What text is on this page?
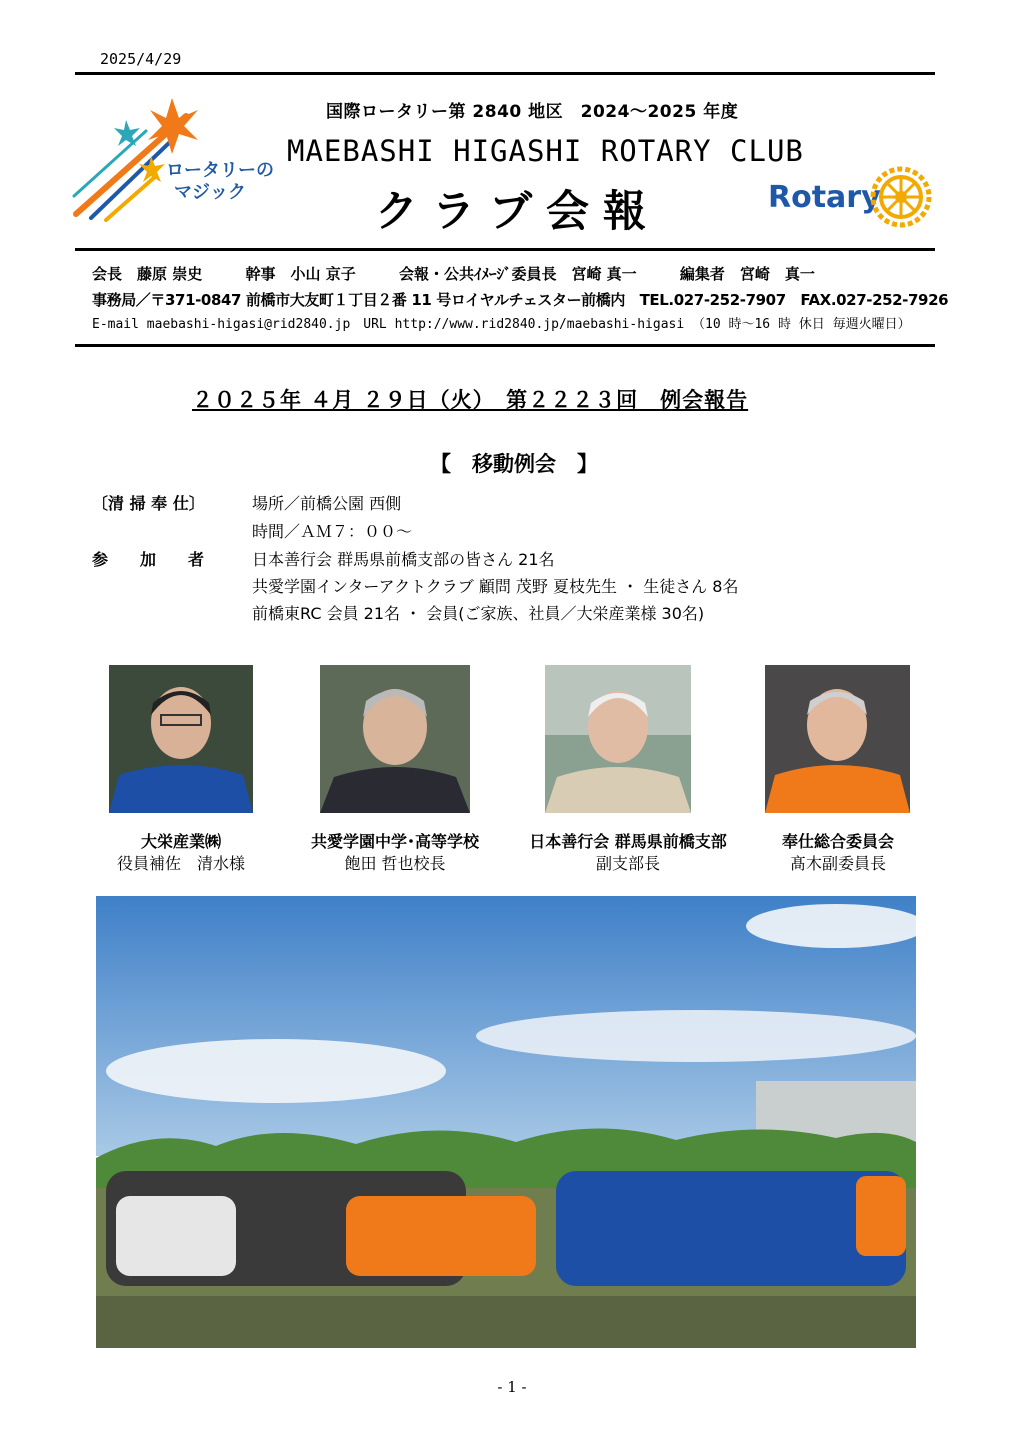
2025/4/29
ロータリーの
マジック
国際ロータリー第 2840 地区　2024～2025 年度
MAEBASHI HIGASHI ROTARY CLUB
クラブ会報	Rotary
会長　藤原 崇史	幹事　小山 京子	会報・公共ｲﾒｰｼﾞ委員長　宮崎 真一	編集者　宮崎　真一
事務局／〒371-0847 前橋市大友町１丁目２番 11 号ロイヤルチェスター前橋内　TEL.027-252-7907　FAX.027-252-7926
E-mail maebashi-higasi@rid2840.jp　URL http://www.rid2840.jp/maebashi-higasi （10 時～16 時 休日 毎週火曜日）
２０２５年 ４月 ２９日（火）　第２２２３回　例会報告
【　移動例会　】
〔清 掃 奉 仕〕	場所／前橋公園 西側
時間／ＡＭ７：００～
参　　加　　者	日本善行会 群馬県前橋支部の皆さん 21名
共愛学園インターアクトクラブ 顧問 茂野 夏枝先生 ・ 生徒さん 8名
前橋東RC 会員 21名 ・ 会員(ご家族、社員／大栄産業様 30名)
大栄産業㈱
役員補佐　清水様
共愛学園中学･高等学校
飽田 哲也校長
日本善行会 群馬県前橋支部
副支部長
奉仕総合委員会
髙木副委員長
- 1 -
